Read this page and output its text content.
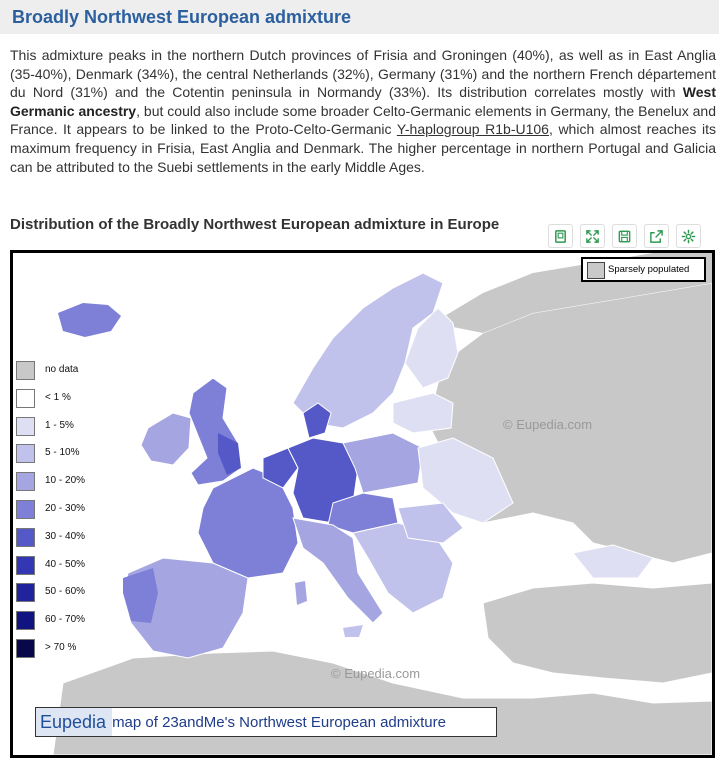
Broadly Northwest European admixture
This admixture peaks in the northern Dutch provinces of Frisia and Groningen (40%), as well as in East Anglia (35-40%), Denmark (34%), the central Netherlands (32%), Germany (31%) and the northern French département du Nord (31%) and the Cotentin peninsula in Normandy (33%). Its distribution correlates mostly with West Germanic ancestry, but could also include some broader Celto-Germanic elements in Germany, the Benelux and France. It appears to be linked to the Proto-Celto-Germanic Y-haplogroup R1b-U106, which almost reaches its maximum frequency in Frisia, East Anglia and Denmark. The higher percentage in northern Portugal and Galicia can be attributed to the Suebi settlements in the early Middle Ages.
Distribution of the Broadly Northwest European admixture in Europe
no data
< 1 %
1 - 5%
5 - 10%
10 - 20%
20 - 30%
30 - 40%
40 - 50%
50 - 60%
60 - 70%
> 70 %
Sparsely populated
© Eupedia.com
© Eupedia.com
Eupedia map of 23andMe's Northwest European admixture
